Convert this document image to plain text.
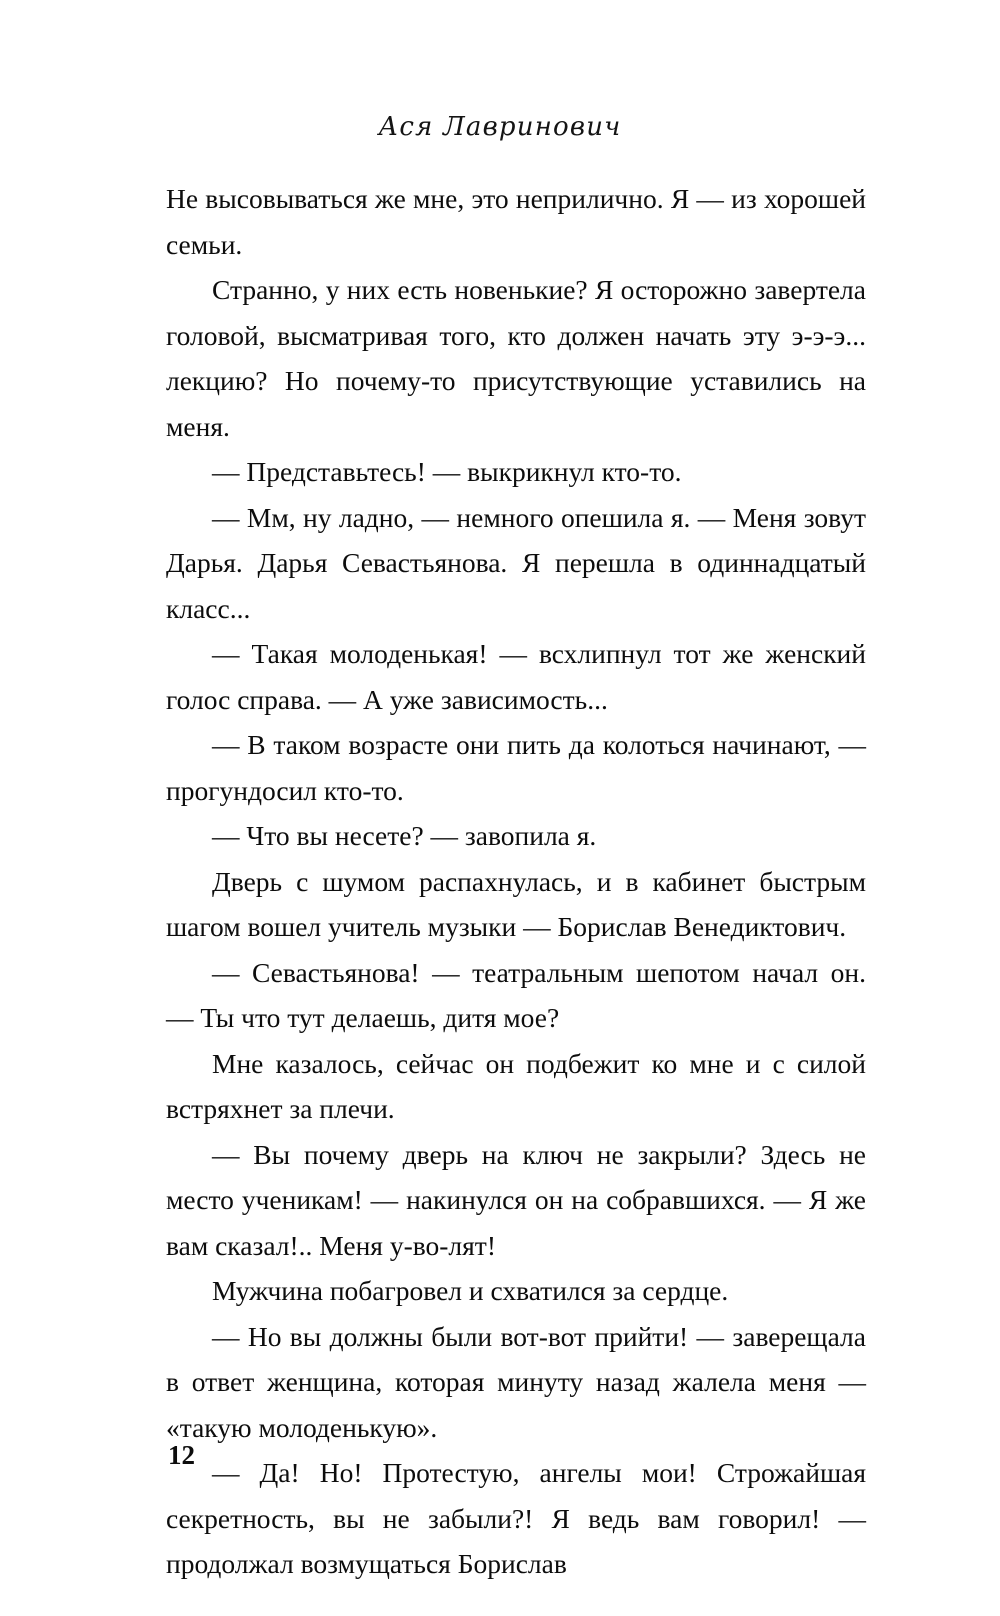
Ася Лавринович

Не высовываться же мне, это неприлично. Я — из хорошей семьи.

Странно, у них есть новенькие? Я осторожно завертела головой, высматривая того, кто должен начать эту э-э-э... лекцию? Но почему-то присутствующие уставились на меня.

— Представьтесь! — выкрикнул кто-то.

— Мм, ну ладно, — немного опешила я. — Меня зовут Дарья. Дарья Севастьянова. Я перешла в одиннадцатый класс...

— Такая молоденькая! — всхлипнул тот же женский голос справа. — А уже зависимость...

— В таком возрасте они пить да колоться начинают, — прогундосил кто-то.

— Что вы несете? — завопила я.

Дверь с шумом распахнулась, и в кабинет быстрым шагом вошел учитель музыки — Борислав Венедиктович.

— Севастьянова! — театральным шепотом начал он. — Ты что тут делаешь, дитя мое?

Мне казалось, сейчас он подбежит ко мне и с силой встряхнет за плечи.

— Вы почему дверь на ключ не закрыли? Здесь не место ученикам! — накинулся он на собравшихся. — Я же вам сказал!.. Меня у-во-лят!

Мужчина побагровел и схватился за сердце.

— Но вы должны были вот-вот прийти! — заверещала в ответ женщина, которая минуту назад жалела меня — «такую молоденькую».

— Да! Но! Протестую, ангелы мои! Строжайшая секретность, вы не забыли?! Я ведь вам говорил! — продолжал возмущаться Борислав

12
